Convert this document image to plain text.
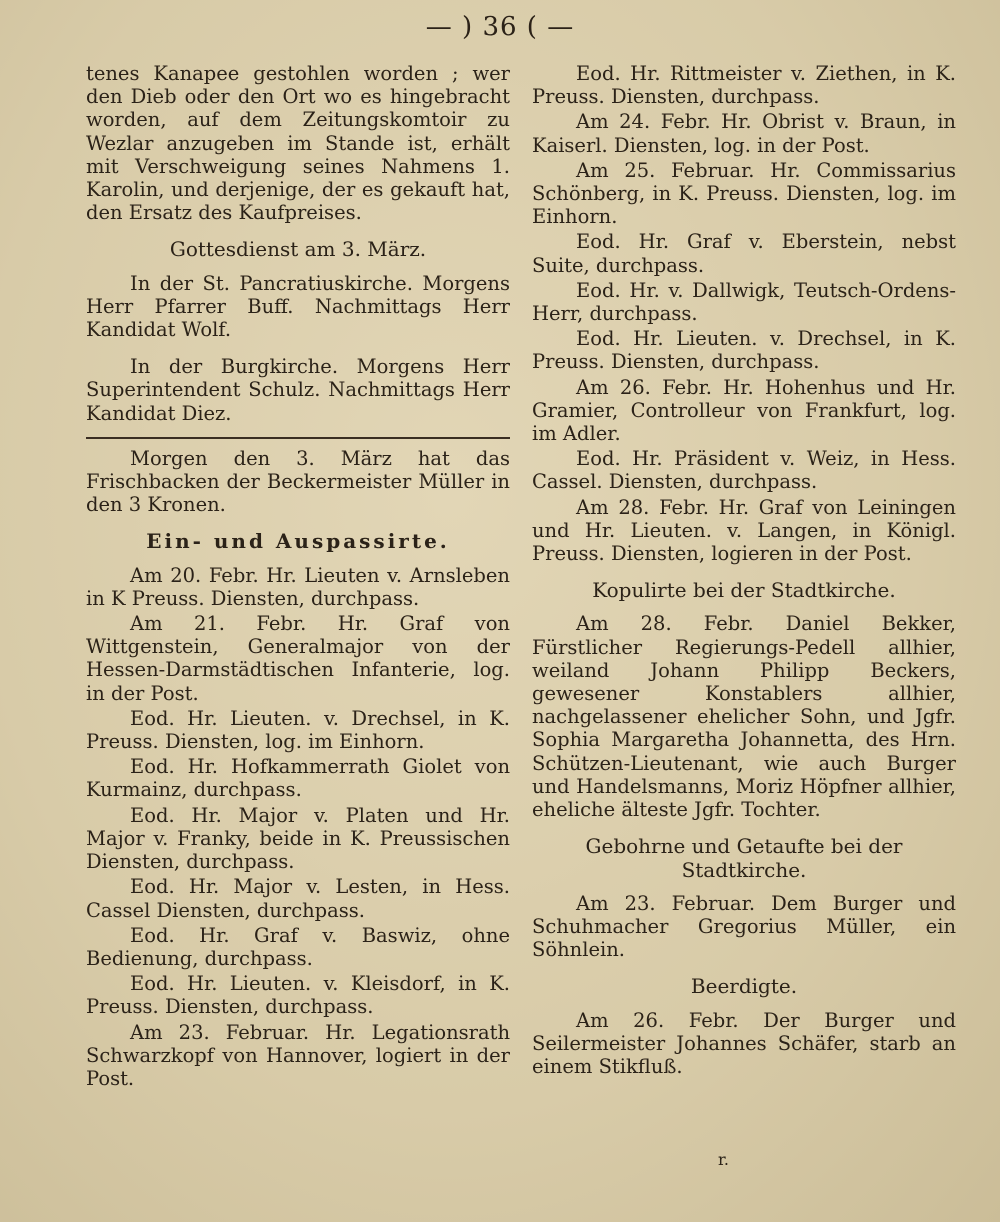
— ) 36 ( —

tenes Kanapee gestohlen worden ; wer den Dieb oder den Ort wo es hingebracht worden, auf dem Zeitungskomtoir zu Wezlar anzugeben im Stande ist, erhält mit Verschweigung seines Nahmens 1. Karolin, und derjenige, der es gekauft hat, den Ersatz des Kaufpreises.

Gottesdienst am 3. März.

In der St. Pancratiuskirche. Morgens Herr Pfarrer Buff. Nachmittags Herr Kandidat Wolf.

In der Burgkirche. Morgens Herr Superintendent Schulz. Nachmittags Herr Kandidat Diez.

Morgen den 3. März hat das Frischbacken der Beckermeister Müller in den 3 Kronen.

Ein- und Auspassirte.

Am 20. Febr. Hr. Lieuten v. Arnsleben in K Preuss. Diensten, durchpass.

Am 21. Febr. Hr. Graf von Wittgenstein, Generalmajor von der Hessen-Darmstädtischen Infanterie, log. in der Post.

Eod. Hr. Lieuten. v. Drechsel, in K. Preuss. Diensten, log. im Einhorn.

Eod. Hr. Hofkammerrath Giolet von Kurmainz, durchpass.

Eod. Hr. Major v. Platen und Hr. Major v. Franky, beide in K. Preussischen Diensten, durchpass.

Eod. Hr. Major v. Lesten, in Hess. Cassel Diensten, durchpass.

Eod. Hr. Graf v. Baswiz, ohne Bedienung, durchpass.

Eod. Hr. Lieuten. v. Kleisdorf, in K. Preuss. Diensten, durchpass.

Am 23. Februar. Hr. Legationsrath Schwarzkopf von Hannover, logiert in der Post.

Eod. Hr. Rittmeister v. Ziethen, in K. Preuss. Diensten, durchpass.

Am 24. Febr. Hr. Obrist v. Braun, in Kaiserl. Diensten, log. in der Post.

Am 25. Februar. Hr. Commissarius Schönberg, in K. Preuss. Diensten, log. im Einhorn.

Eod. Hr. Graf v. Eberstein, nebst Suite, durchpass.

Eod. Hr. v. Dallwigk, Teutsch-Ordens-Herr, durchpass.

Eod. Hr. Lieuten. v. Drechsel, in K. Preuss. Diensten, durchpass.

Am 26. Febr. Hr. Hohenhus und Hr. Gramier, Controlleur von Frankfurt, log. im Adler.

Eod. Hr. Präsident v. Weiz, in Hess. Cassel. Diensten, durchpass.

Am 28. Febr. Hr. Graf von Leiningen und Hr. Lieuten. v. Langen, in Königl. Preuss. Diensten, logieren in der Post.

Kopulirte bei der Stadtkirche.

Am 28. Febr. Daniel Bekker, Fürstlicher Regierungs-Pedell allhier, weiland Johann Philipp Beckers, gewesener Konstablers allhier, nachgelassener ehelicher Sohn, und Jgfr. Sophia Margaretha Johannetta, des Hrn. Schützen-Lieutenant, wie auch Burger und Handelsmanns, Moriz Höpfner allhier, eheliche älteste Jgfr. Tochter.

Gebohrne und Getaufte bei der Stadtkirche.

Am 23. Februar. Dem Burger und Schuhmacher Gregorius Müller, ein Söhnlein.

Beerdigte.

Am 26. Febr. Der Burger und Seilermeister Johannes Schäfer, starb an einem Stikfluß.

r.
